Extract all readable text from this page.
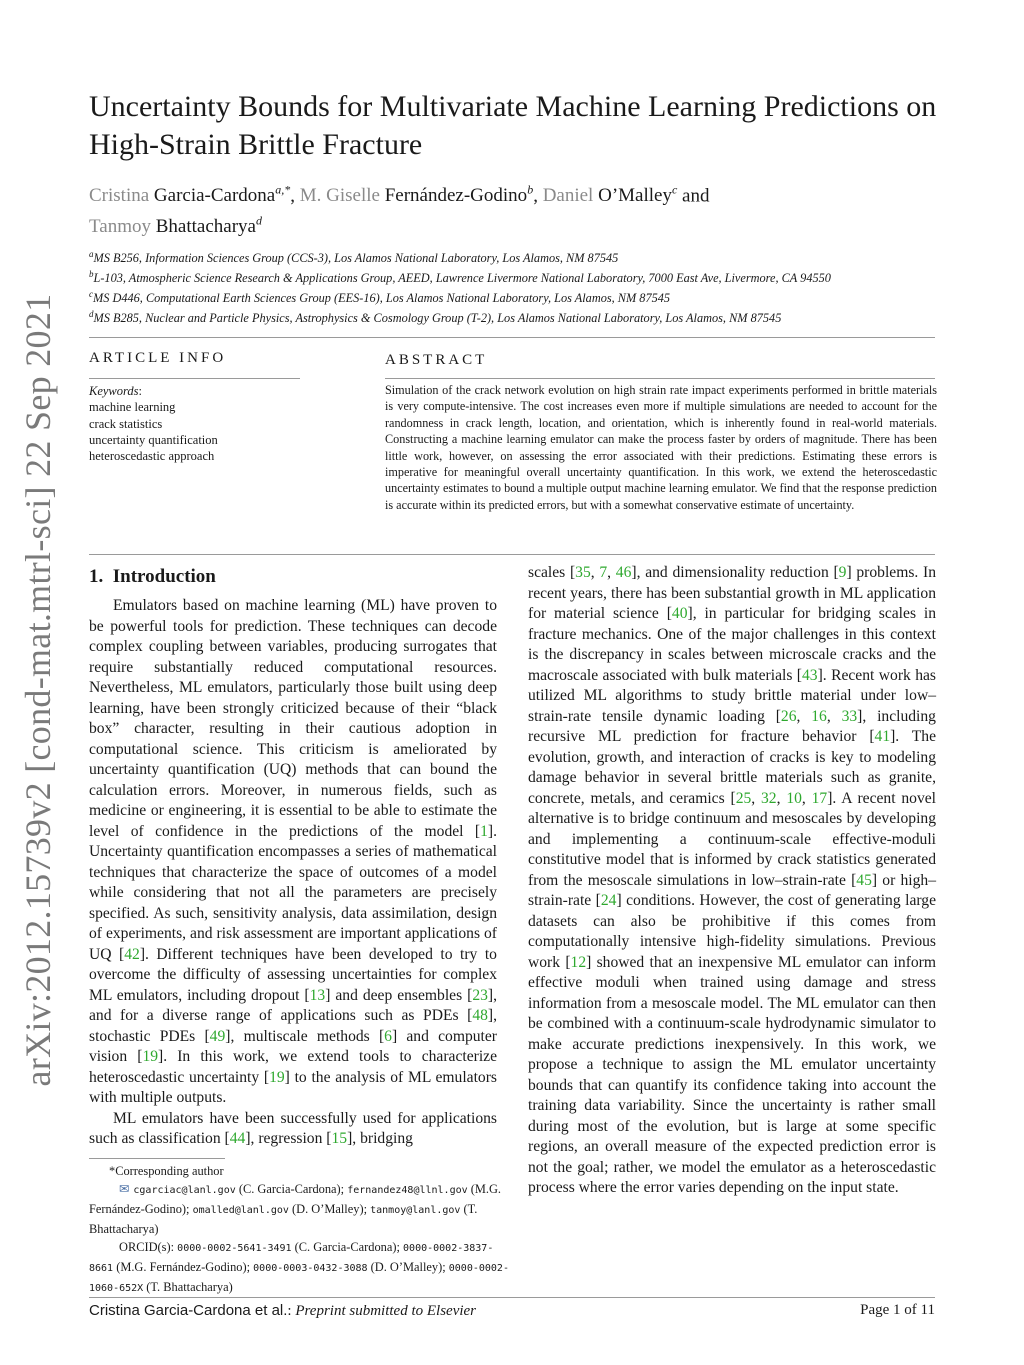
arXiv:2012.15739v2 [cond-mat.mtrl-sci] 22 Sep 2021
Uncertainty Bounds for Multivariate Machine Learning Predictions on High-Strain Brittle Fracture
Cristina Garcia-Cardona$^{a,*}$, M. Giselle Fernández-Godino$^b$, Daniel O’Malley$^c$ and
Tanmoy Bhattacharya$^d$
$^a$MS B256, Information Sciences Group (CCS-3), Los Alamos National Laboratory, Los Alamos, NM 87545
$^b$L-103, Atmospheric Science Research & Applications Group, AEED, Lawrence Livermore National Laboratory, 7000 East Ave, Livermore, CA 94550
$^c$MS D446, Computational Earth Sciences Group (EES-16), Los Alamos National Laboratory, Los Alamos, NM 87545
$^d$MS B285, Nuclear and Particle Physics, Astrophysics & Cosmology Group (T-2), Los Alamos National Laboratory, Los Alamos, NM 87545
ARTICLE INFO
Keywords:
machine learning
crack statistics
uncertainty quantification
heteroscedastic approach
ABSTRACT
Simulation of the crack network evolution on high strain rate impact experiments performed in brittle materials is very compute-intensive. The cost increases even more if multiple simulations are needed to account for the randomness in crack length, location, and orientation, which is inherently found in real-world materials. Constructing a machine learning emulator can make the process faster by orders of magnitude. There has been little work, however, on assessing the error associated with their predictions. Estimating these errors is imperative for meaningful overall uncertainty quantification. In this work, we extend the heteroscedastic uncertainty estimates to bound a multiple output machine learning emulator. We find that the response prediction is accurate within its predicted errors, but with a somewhat conservative estimate of uncertainty.
1. Introduction

Emulators based on machine learning (ML) have proven to be powerful tools for prediction. These techniques can decode complex coupling between variables, producing surrogates that require substantially reduced computational resources. Nevertheless, ML emulators, particularly those built using deep learning, have been strongly criticized because of their “black box” character, resulting in their cautious adoption in computational science. This criticism is ameliorated by uncertainty quantification (UQ) methods that can bound the calculation errors. Moreover, in numerous fields, such as medicine or engineering, it is essential to be able to estimate the level of confidence in the predictions of the model [1]. Uncertainty quantification encompasses a series of mathematical techniques that characterize the space of outcomes of a model while considering that not all the parameters are precisely specified. As such, sensitivity analysis, data assimilation, design of experiments, and risk assessment are important applications of UQ [42]. Different techniques have been developed to try to overcome the difficulty of assessing uncertainties for complex ML emulators, including dropout [13] and deep ensembles [23], and for a diverse range of applications such as PDEs [48], stochastic PDEs [49], multiscale methods [6] and computer vision [19]. In this work, we extend tools to characterize heteroscedastic uncertainty [19] to the analysis of ML emulators with multiple outputs.

ML emulators have been successfully used for applications such as classification [44], regression [15], bridging

scales [35, 7, 46], and dimensionality reduction [9] problems. In recent years, there has been substantial growth in ML application for material science [40], in particular for bridging scales in fracture mechanics. One of the major challenges in this context is the discrepancy in scales between microscale cracks and the macroscale associated with bulk materials [43]. Recent work has utilized ML algorithms to study brittle material under low–strain-rate tensile dynamic loading [26, 16, 33], including recursive ML prediction for fracture behavior [41]. The evolution, growth, and interaction of cracks is key to modeling damage behavior in several brittle materials such as granite, concrete, metals, and ceramics [25, 32, 10, 17]. A recent novel alternative is to bridge continuum and mesoscales by developing and implementing a continuum-scale effective-moduli constitutive model that is informed by crack statistics generated from the mesoscale simulations in low–strain-rate [45] or high–strain-rate [24] conditions. However, the cost of generating large datasets can also be prohibitive if this comes from computationally intensive high-fidelity simulations. Previous work [12] showed that an inexpensive ML emulator can inform effective moduli when trained using damage and stress information from a mesoscale model. The ML emulator can then be combined with a continuum-scale hydrodynamic simulator to make accurate predictions inexpensively. In this work, we propose a technique to assign the ML emulator uncertainty bounds that can quantify its confidence taking into account the training data variability. Since the uncertainty is rather small during most of the evolution, but is large at some specific regions, an overall measure of the expected prediction error is not the goal; rather, we model the emulator as a heteroscedastic process where the error varies depending on the input state.

*Corresponding author
✉ cgarciac@lanl.gov (C. Garcia-Cardona); fernandez48@llnl.gov (M.G. Fernández-Godino); omalled@lanl.gov (D. O’Malley); tanmoy@lanl.gov (T. Bhattacharya)
ORCID(s): 0000-0002-5641-3491 (C. Garcia-Cardona); 0000-0002-3837-8661 (M.G. Fernández-Godino); 0000-0003-0432-3088 (D. O’Malley); 0000-0002-1060-652X (T. Bhattacharya)
Cristina Garcia-Cardona et al.: Preprint submitted to Elsevier	Page 1 of 11
